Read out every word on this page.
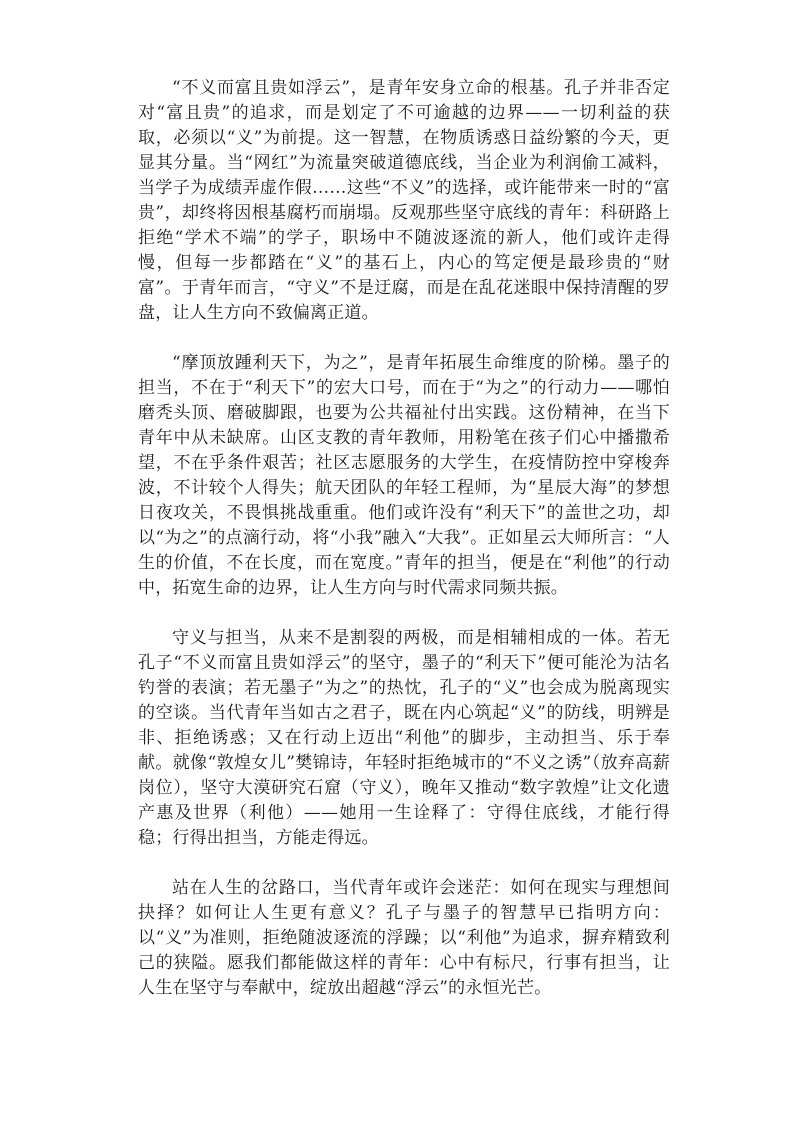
“不义而富且贵如浮云”，是青年安身立命的根基。孔子并非否定对“富且贵”的追求，而是划定了不可逾越的边界——一切利益的获取，必须以“义”为前提。这一智慧，在物质诱惑日益纷繁的今天，更显其分量。当“网红”为流量突破道德底线，当企业为利润偷工减料，当学子为成绩弄虚作假……这些“不义”的选择，或许能带来一时的“富贵”，却终将因根基腐朽而崩塌。反观那些坚守底线的青年：科研路上拒绝“学术不端”的学子，职场中不随波逐流的新人，他们或许走得慢，但每一步都踏在“义”的基石上，内心的笃定便是最珍贵的“财富”。于青年而言，“守义”不是迂腐，而是在乱花迷眼中保持清醒的罗盘，让人生方向不致偏离正道。

“摩顶放踵利天下，为之”，是青年拓展生命维度的阶梯。墨子的担当，不在于“利天下”的宏大口号，而在于“为之”的行动力——哪怕磨秃头顶、磨破脚跟，也要为公共福祉付出实践。这份精神，在当下青年中从未缺席。山区支教的青年教师，用粉笔在孩子们心中播撒希望，不在乎条件艰苦；社区志愿服务的大学生，在疫情防控中穿梭奔波，不计较个人得失；航天团队的年轻工程师，为“星辰大海”的梦想日夜攻关，不畏惧挑战重重。他们或许没有“利天下”的盖世之功，却以“为之”的点滴行动，将“小我”融入“大我”。正如星云大师所言：“人生的价值，不在长度，而在宽度。”青年的担当，便是在“利他”的行动中，拓宽生命的边界，让人生方向与时代需求同频共振。

守义与担当，从来不是割裂的两极，而是相辅相成的一体。若无孔子“不义而富且贵如浮云”的坚守，墨子的“利天下”便可能沦为沽名钓誉的表演；若无墨子“为之”的热忱，孔子的“义”也会成为脱离现实的空谈。当代青年当如古之君子，既在内心筑起“义”的防线，明辨是非、拒绝诱惑；又在行动上迈出“利他”的脚步，主动担当、乐于奉献。就像“敦煌女儿”樊锦诗，年轻时拒绝城市的“不义之诱”（放弃高薪岗位），坚守大漠研究石窟（守义），晚年又推动“数字敦煌”让文化遗产惠及世界（利他）——她用一生诠释了：守得住底线，才能行得稳；行得出担当，方能走得远。

站在人生的岔路口，当代青年或许会迷茫：如何在现实与理想间抉择？如何让人生更有意义？孔子与墨子的智慧早已指明方向：以“义”为准则，拒绝随波逐流的浮躁；以“利他”为追求，摒弃精致利己的狭隘。愿我们都能做这样的青年：心中有标尺，行事有担当，让人生在坚守与奉献中，绽放出超越“浮云”的永恒光芒。
